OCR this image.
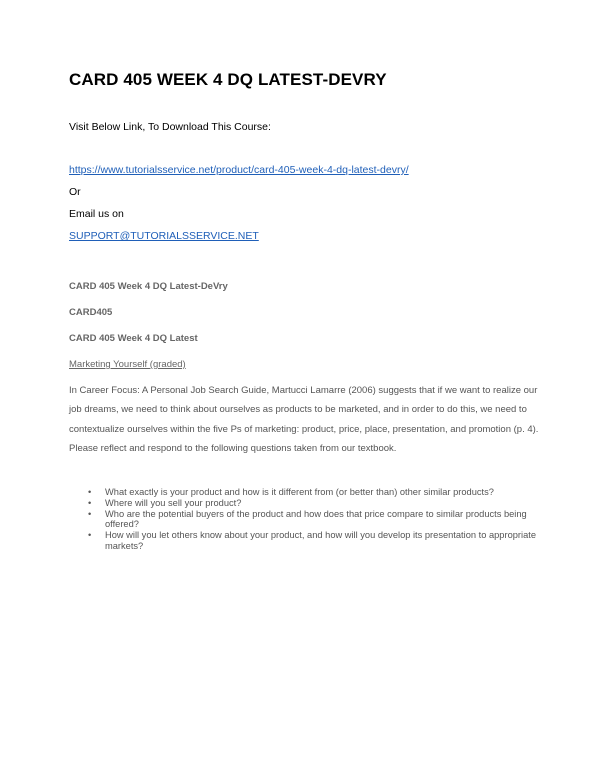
CARD 405 WEEK 4 DQ LATEST-DEVRY

Visit Below Link, To Download This Course:

https://www.tutorialsservice.net/product/card-405-week-4-dq-latest-devry/

Or

Email us on

SUPPORT@TUTORIALSSERVICE.NET

CARD 405 Week 4 DQ Latest-DeVry

CARD405

CARD 405 Week 4 DQ Latest

Marketing Yourself (graded)

In Career Focus: A Personal Job Search Guide, Martucci Lamarre (2006) suggests that if we want to realize our job dreams, we need to think about ourselves as products to be marketed, and in order to do this, we need to contextualize ourselves within the five Ps of marketing: product, price, place, presentation, and promotion (p. 4). Please reflect and respond to the following questions taken from our textbook.

• What exactly is your product and how is it different from (or better than) other similar products?
• Where will you sell your product?
• Who are the potential buyers of the product and how does that price compare to similar products being offered?
• How will you let others know about your product, and how will you develop its presentation to appropriate markets?
